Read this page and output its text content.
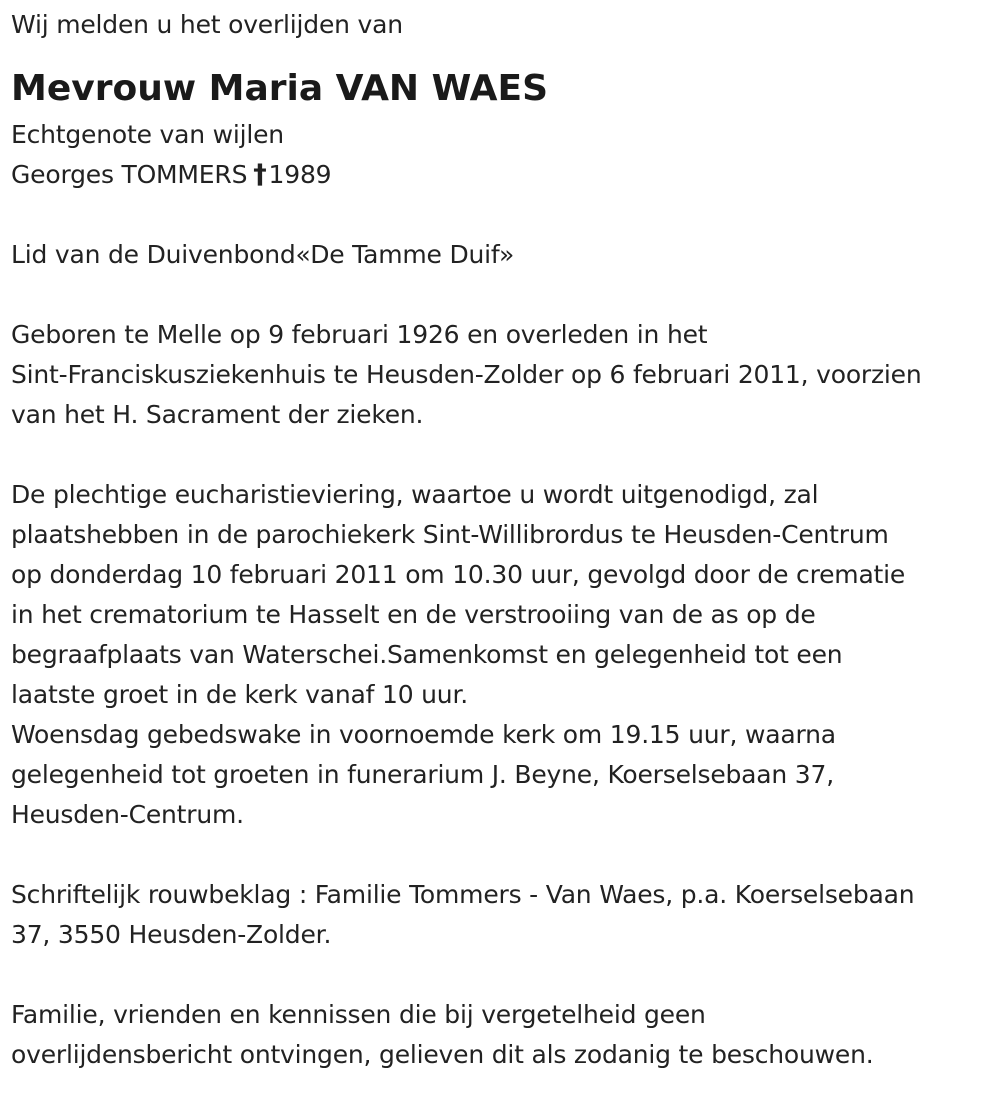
Wij melden u het overlijden van
Mevrouw Maria VAN WAES
Echtgenote van wijlen
Georges TOMMERS †1989
Lid van de Duivenbond«De Tamme Duif»
Geboren te Melle op 9 februari 1926 en overleden in het
Sint-Franciskusziekenhuis te Heusden-Zolder op 6 februari 2011, voorzien
van het H. Sacrament der zieken.
De plechtige eucharistieviering, waartoe u wordt uitgenodigd, zal
plaatshebben in de parochiekerk Sint-Willibrordus te Heusden-Centrum
op donderdag 10 februari 2011 om 10.30 uur, gevolgd door de crematie
in het crematorium te Hasselt en de verstrooiing van de as op de
begraafplaats van Waterschei.Samenkomst en gelegenheid tot een
laatste groet in de kerk vanaf 10 uur.
Woensdag gebedswake in voornoemde kerk om 19.15 uur, waarna
gelegenheid tot groeten in funerarium J. Beyne, Koerselsebaan 37,
Heusden-Centrum.
Schriftelijk rouwbeklag : Familie Tommers - Van Waes, p.a. Koerselsebaan
37, 3550 Heusden-Zolder.
Familie, vrienden en kennissen die bij vergetelheid geen
overlijdensbericht ontvingen, gelieven dit als zodanig te beschouwen.
